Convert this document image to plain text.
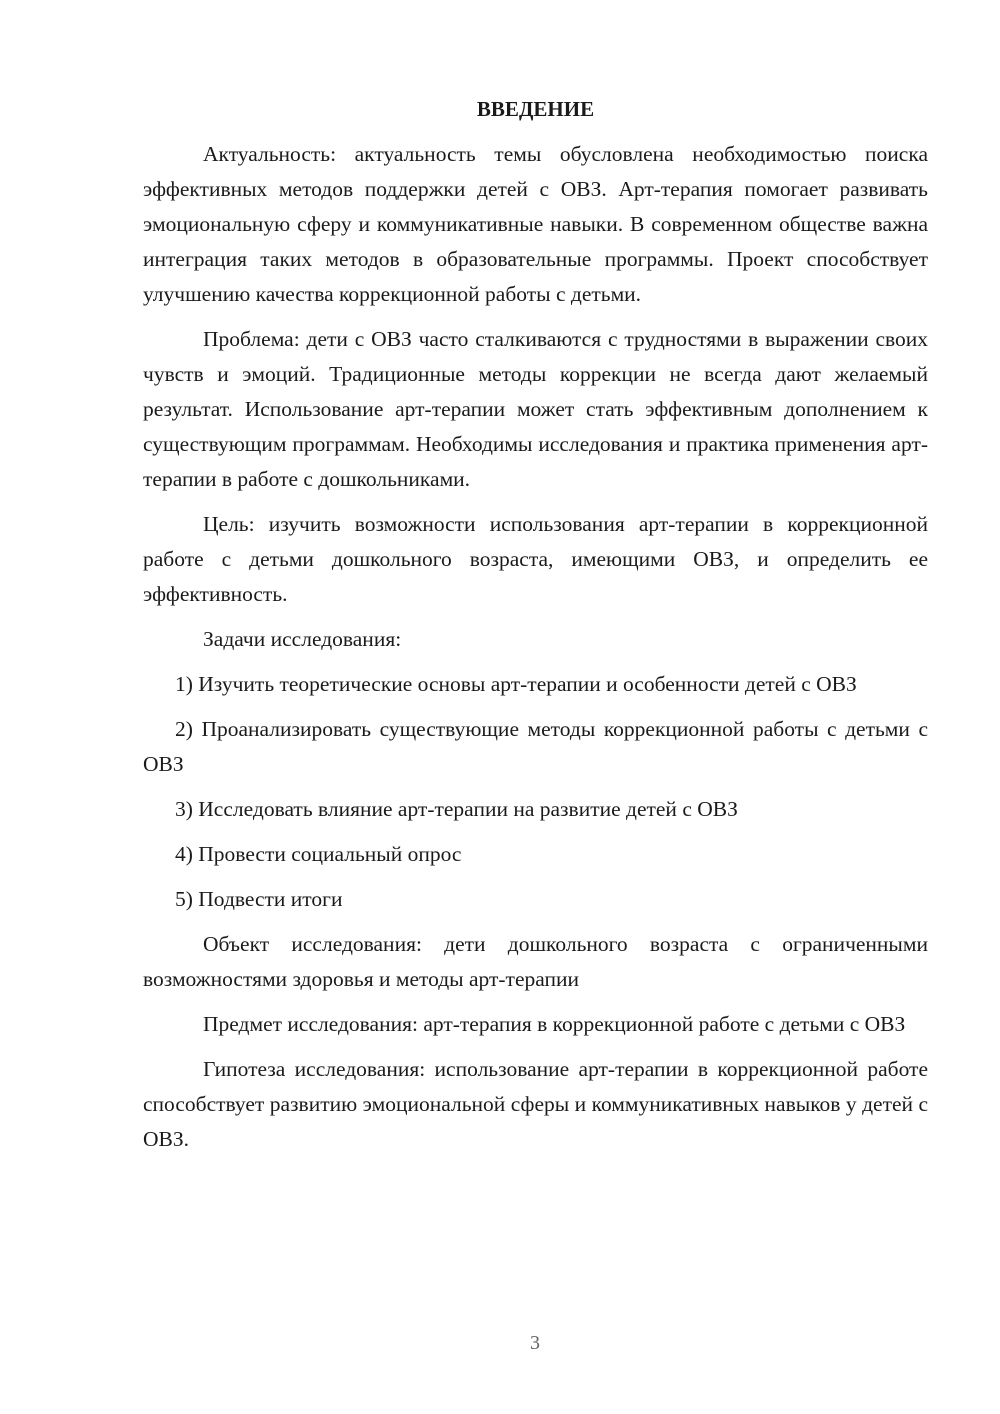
ВВЕДЕНИЕ

Актуальность: актуальность темы обусловлена необходимостью поиска эффективных методов поддержки детей с ОВЗ. Арт-терапия помогает развивать эмоциональную сферу и коммуникативные навыки. В современном обществе важна интеграция таких методов в образовательные программы. Проект способствует улучшению качества коррекционной работы с детьми.

Проблема: дети с ОВЗ часто сталкиваются с трудностями в выражении своих чувств и эмоций. Традиционные методы коррекции не всегда дают желаемый результат. Использование арт-терапии может стать эффективным дополнением к существующим программам. Необходимы исследования и практика применения арт-терапии в работе с дошкольниками.

Цель: изучить возможности использования арт-терапии в коррекционной работе с детьми дошкольного возраста, имеющими ОВЗ, и определить ее эффективность.

Задачи исследования:

1) Изучить теоретические основы арт-терапии и особенности детей с ОВЗ
2) Проанализировать существующие методы коррекционной работы с детьми с ОВЗ
3) Исследовать влияние арт-терапии на развитие детей с ОВЗ
4) Провести социальный опрос
5) Подвести итоги

Объект исследования: дети дошкольного возраста с ограниченными возможностями здоровья и методы арт-терапии

Предмет исследования: арт-терапия в коррекционной работе с детьми с ОВЗ

Гипотеза исследования: использование арт-терапии в коррекционной работе способствует развитию эмоциональной сферы и коммуникативных навыков у детей с ОВЗ.

3
